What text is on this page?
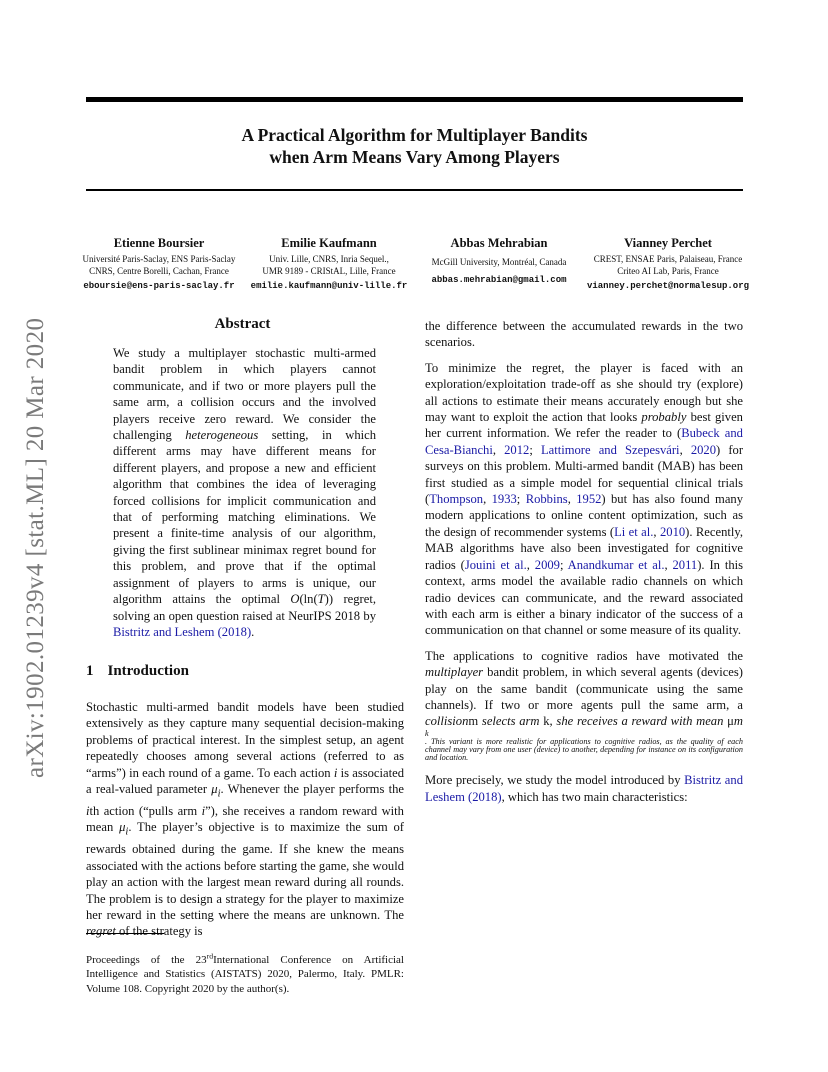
arXiv:1902.01239v4 [stat.ML] 20 Mar 2020
A Practical Algorithm for Multiplayer Bandits
when Arm Means Vary Among Players
Etienne Boursier
Université Paris-Saclay, ENS Paris-Saclay
CNRS, Centre Borelli, Cachan, France
eboursie@ens-paris-saclay.fr
Emilie Kaufmann
Univ. Lille, CNRS, Inria Sequel.,
UMR 9189 - CRIStAL, Lille, France
emilie.kaufmann@univ-lille.fr
Abbas Mehrabian
McGill University, Montréal, Canada
abbas.mehrabian@gmail.com
Vianney Perchet
CREST, ENSAE Paris, Palaiseau, France
Criteo AI Lab, Paris, France
vianney.perchet@normalesup.org
Abstract

We study a multiplayer stochastic multi-armed bandit problem in which players cannot communicate, and if two or more players pull the same arm, a collision occurs and the involved players receive zero reward. We consider the challenging heterogeneous setting, in which different arms may have different means for different players, and propose a new and efficient algorithm that combines the idea of leveraging forced collisions for implicit communication and that of performing matching eliminations. We present a finite-time analysis of our algorithm, giving the first sublinear minimax regret bound for this problem, and prove that if the optimal assignment of players to arms is unique, our algorithm attains the optimal O(ln(T)) regret, solving an open question raised at NeurIPS 2018 by Bistritz and Leshem (2018).

1 Introduction

Stochastic multi-armed bandit models have been studied extensively as they capture many sequential decision-making problems of practical interest. In the simplest setup, an agent repeatedly chooses among several actions (referred to as “arms”) in each round of a game. To each action i is associated a real-valued parameter $\mu_i$. Whenever the player performs the ith action (“pulls arm i”), she receives a random reward with mean $\mu_i$. The player’s objective is to maximize the sum of rewards obtained during the game. If she knew the means associated with the actions before starting the game, she would play an action with the largest mean reward during all rounds. The problem is to design a strategy for the player to maximize her reward in the setting where the means are unknown. The regret of the strategy is

Proceedings of the 23rdInternational Conference on Artificial Intelligence and Statistics (AISTATS) 2020, Palermo, Italy. PMLR: Volume 108. Copyright 2020 by the author(s).

the difference between the accumulated rewards in the two scenarios.

To minimize the regret, the player is faced with an exploration/exploitation trade-off as she should try (explore) all actions to estimate their means accurately enough but she may want to exploit the action that looks probably best given her current information. We refer the reader to (Bubeck and Cesa-Bianchi, 2012; Lattimore and Szepesvári, 2020) for surveys on this problem. Multi-armed bandit (MAB) has been first studied as a simple model for sequential clinical trials (Thompson, 1933; Robbins, 1952) but has also found many modern applications to online content optimization, such as the design of recommender systems (Li et al., 2010). Recently, MAB algorithms have also been investigated for cognitive radios (Jouini et al., 2009; Anandkumar et al., 2011). In this context, arms model the available radio channels on which radio devices can communicate, and the reward associated with each arm is either a binary indicator of the success of a communication on that channel or some measure of its quality.

The applications to cognitive radios have motivated the multiplayer bandit problem, in which several agents (devices) play on the same bandit (communicate using the same channels). If two or more agents pull the same arm, a collisionm selects arm k, she receives a reward with mean μm
k
. This variant is more realistic for applications to cognitive radios, as the quality of each channel may vary from one user (device) to another, depending for instance on its configuration and location.

More precisely, we study the model introduced by Bistritz and Leshem (2018), which has two main characteristics:
